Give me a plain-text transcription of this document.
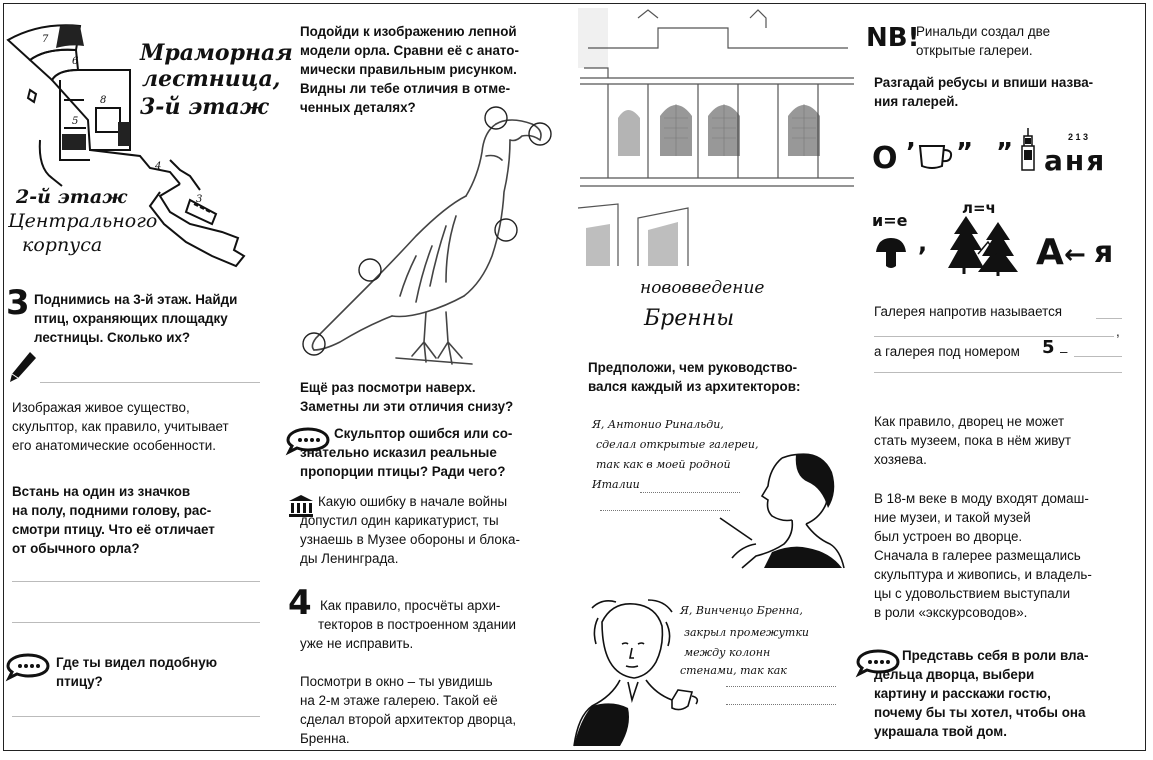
7
6
8
5
4
3
Мраморная
лестница,
3-й этаж
2-й этаж
Центрального
корпуса
3 Поднимись на 3-й этаж. Найди птиц, охраняющих площадку лестницы. Сколько их?
Изображая живое существо,
скульптор, как правило, учитывает
его анатомические особенности.
Встань на один из значков
на полу, подними голову, рас-
смотри птицу. Что её отличает
от обычного орла?
Где ты видел подобную
птицу?
Подойди к изображению лепной
модели орла. Сравни её с анато-
мически правильным рисунком.
Видны ли тебе отличия в отме-
ченных деталях?
Ещё раз посмотри наверх.
Заметны ли эти отличия снизу?
Скульптор ошибся или со-
знательно исказил реальные
пропорции птицы? Ради чего?
Какую ошибку в начале войны
допустил один карикатурист, ты
узнаешь в Музее обороны и блока-
ды Ленинграда.
4 Как правило, просчёты архи-
текторов в построенном здании
уже не исправить.
Посмотри в окно – ты увидишь
на 2-м этаже галерею. Такой её
сделал второй архитектор дворца,
Бренна.
нововведение
Бренны
Предположи, чем руководство-
вался каждый из архитекторов:
Я, Антонио Ринальди,
сделал открытые галереи,
так как в моей родной
Италии
Я, Винченцо Бренна,
закрыл промежутки
между колонн
стенами, так как
NB!
Ринальди создал две
открытые галереи.
Разгадай ребусы и впиши назва-
ния галерей.
О ’ ” ”
2 1 3
аня
и=е
,
л=ч
А ← я
Галерея напротив называется
,
а галерея под номером 5 –
Как правило, дворец не может
стать музеем, пока в нём живут
хозяева.
В 18-м веке в моду входят домаш-
ние музеи, и такой музей
был устроен во дворце.
Сначала в галерее размещались
скульптура и живопись, и владель-
цы с удовольствием выступали
в роли «экскурсоводов».
Представь себя в роли вла-
дельца дворца, выбери
картину и расскажи гостю,
почему бы ты хотел, чтобы она
украшала твой дом.
